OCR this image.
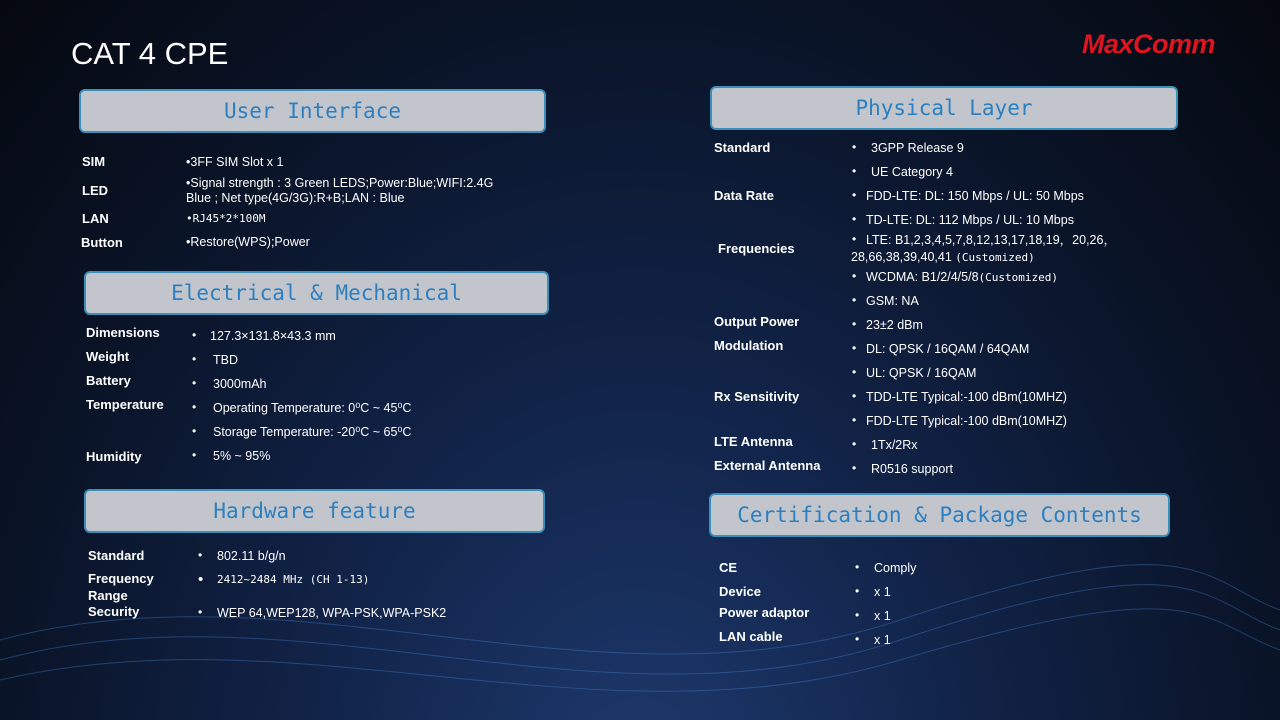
CAT 4 CPE	MaxComm
User Interface
SIM	•3FF SIM Slot x 1
LED	•Signal strength : 3 Green LEDS;Power:Blue;WIFI:2.4G
Blue ; Net type(4G/3G):R+B;LAN : Blue
LAN	•RJ45*2*100M
Button	•Restore(WPS);Power
Electrical & Mechanical
Dimensions	• 127.3×131.8×43.3 mm
Weight	• TBD
Battery	• 3000mAh
Temperature • Operating Temperature: 0⁰C ~ 45⁰C
• Storage Temperature: -20⁰C ~ 65⁰C
Humidity	• 5% ~ 95%
Hardware feature
Standard	• 802.11 b/g/n
Frequency
Range
• 2412~2484 MHz (CH 1-13)
Security	• WEP 64,WEP128, WPA-PSK,WPA-PSK2
Physical Layer
Standard	• 3GPP Release 9
• UE Category 4
Data Rate	• FDD-LTE: DL: 150 Mbps / UL: 50 Mbps
• TD-LTE: DL: 112 Mbps / UL: 10 Mbps
Frequencies
• LTE: B1,2,3,4,5,7,8,12,13,17,18,19，20,26，
28,66,38,39,40,41 (Customized)
• WCDMA: B1/2/4/5/8(Customized)
• GSM: NA
Output Power	• 23±2 dBm
Modulation	• DL: QPSK / 16QAM / 64QAM
• UL: QPSK / 16QAM
Rx Sensitivity	• TDD-LTE Typical:-100 dBm(10MHZ)
• FDD-LTE Typical:-100 dBm(10MHZ)
LTE Antenna	• 1Tx/2Rx
External Antenna	• R0516 support
Certification & Package Contents
CE	• Comply
Device	• x 1
Power adaptor	• x 1
LAN cable	• x 1
